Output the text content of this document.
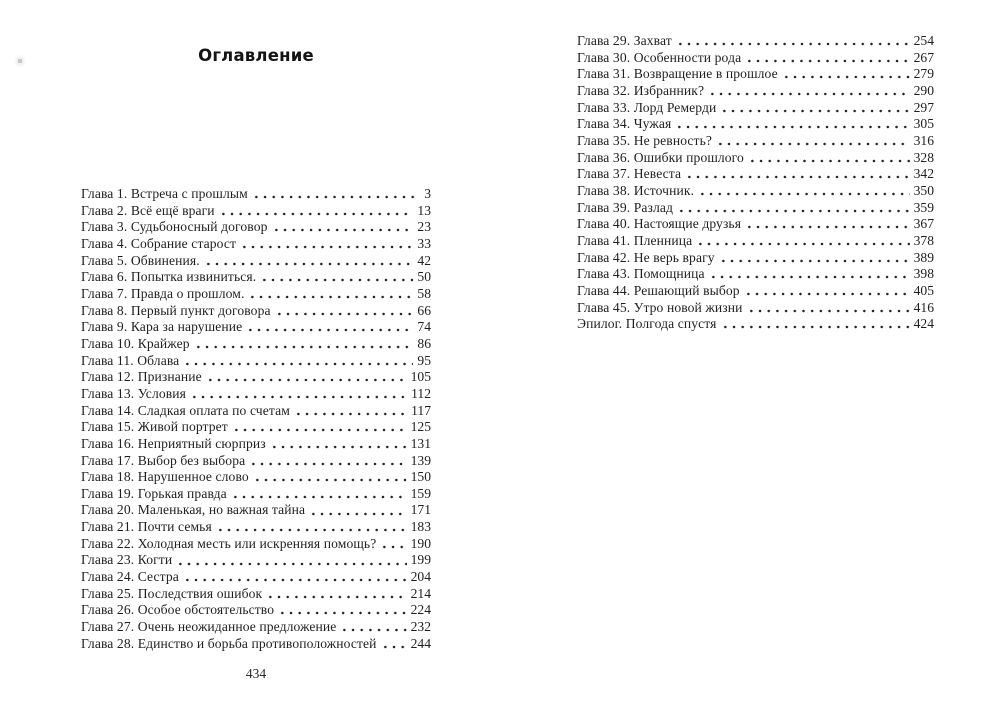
Оглавление
Глава 1. Встреча с прошлым	3
Глава 2. Всё ещё враги	13
Глава 3. Судьбоносный договор	23
Глава 4. Собрание старост	33
Глава 5. Обвинения.	42
Глава 6. Попытка извиниться.	50
Глава 7. Правда о прошлом.	58
Глава 8. Первый пункт договора	66
Глава 9. Кара за нарушение	74
Глава 10. Крайжер	86
Глава 11. Облава	95
Глава 12. Признание	105
Глава 13. Условия	112
Глава 14. Сладкая оплата по счетам	117
Глава 15. Живой портрет	125
Глава 16. Неприятный сюрприз	131
Глава 17. Выбор без выбора	139
Глава 18. Нарушенное слово	150
Глава 19. Горькая правда	159
Глава 20. Маленькая, но важная тайна	171
Глава 21. Почти семья	183
Глава 22. Холодная месть или искренняя помощь?	190
Глава 23. Когти	199
Глава 24. Сестра	204
Глава 25. Последствия ошибок	214
Глава 26. Особое обстоятельство	224
Глава 27. Очень неожиданное предложение	232
Глава 28. Единство и борьба противоположностей	244
Глава 29. Захват	254
Глава 30. Особенности рода	267
Глава 31. Возвращение в прошлое	279
Глава 32. Избранник?	290
Глава 33. Лорд Ремерди	297
Глава 34. Чужая	305
Глава 35. Не ревность?	316
Глава 36. Ошибки прошлого	328
Глава 37. Невеста	342
Глава 38. Источник.	350
Глава 39. Разлад	359
Глава 40. Настоящие друзья	367
Глава 41. Пленница	378
Глава 42. Не верь врагу	389
Глава 43. Помощница	398
Глава 44. Решающий выбор	405
Глава 45. Утро новой жизни	416
Эпилог. Полгода спустя	424
434
